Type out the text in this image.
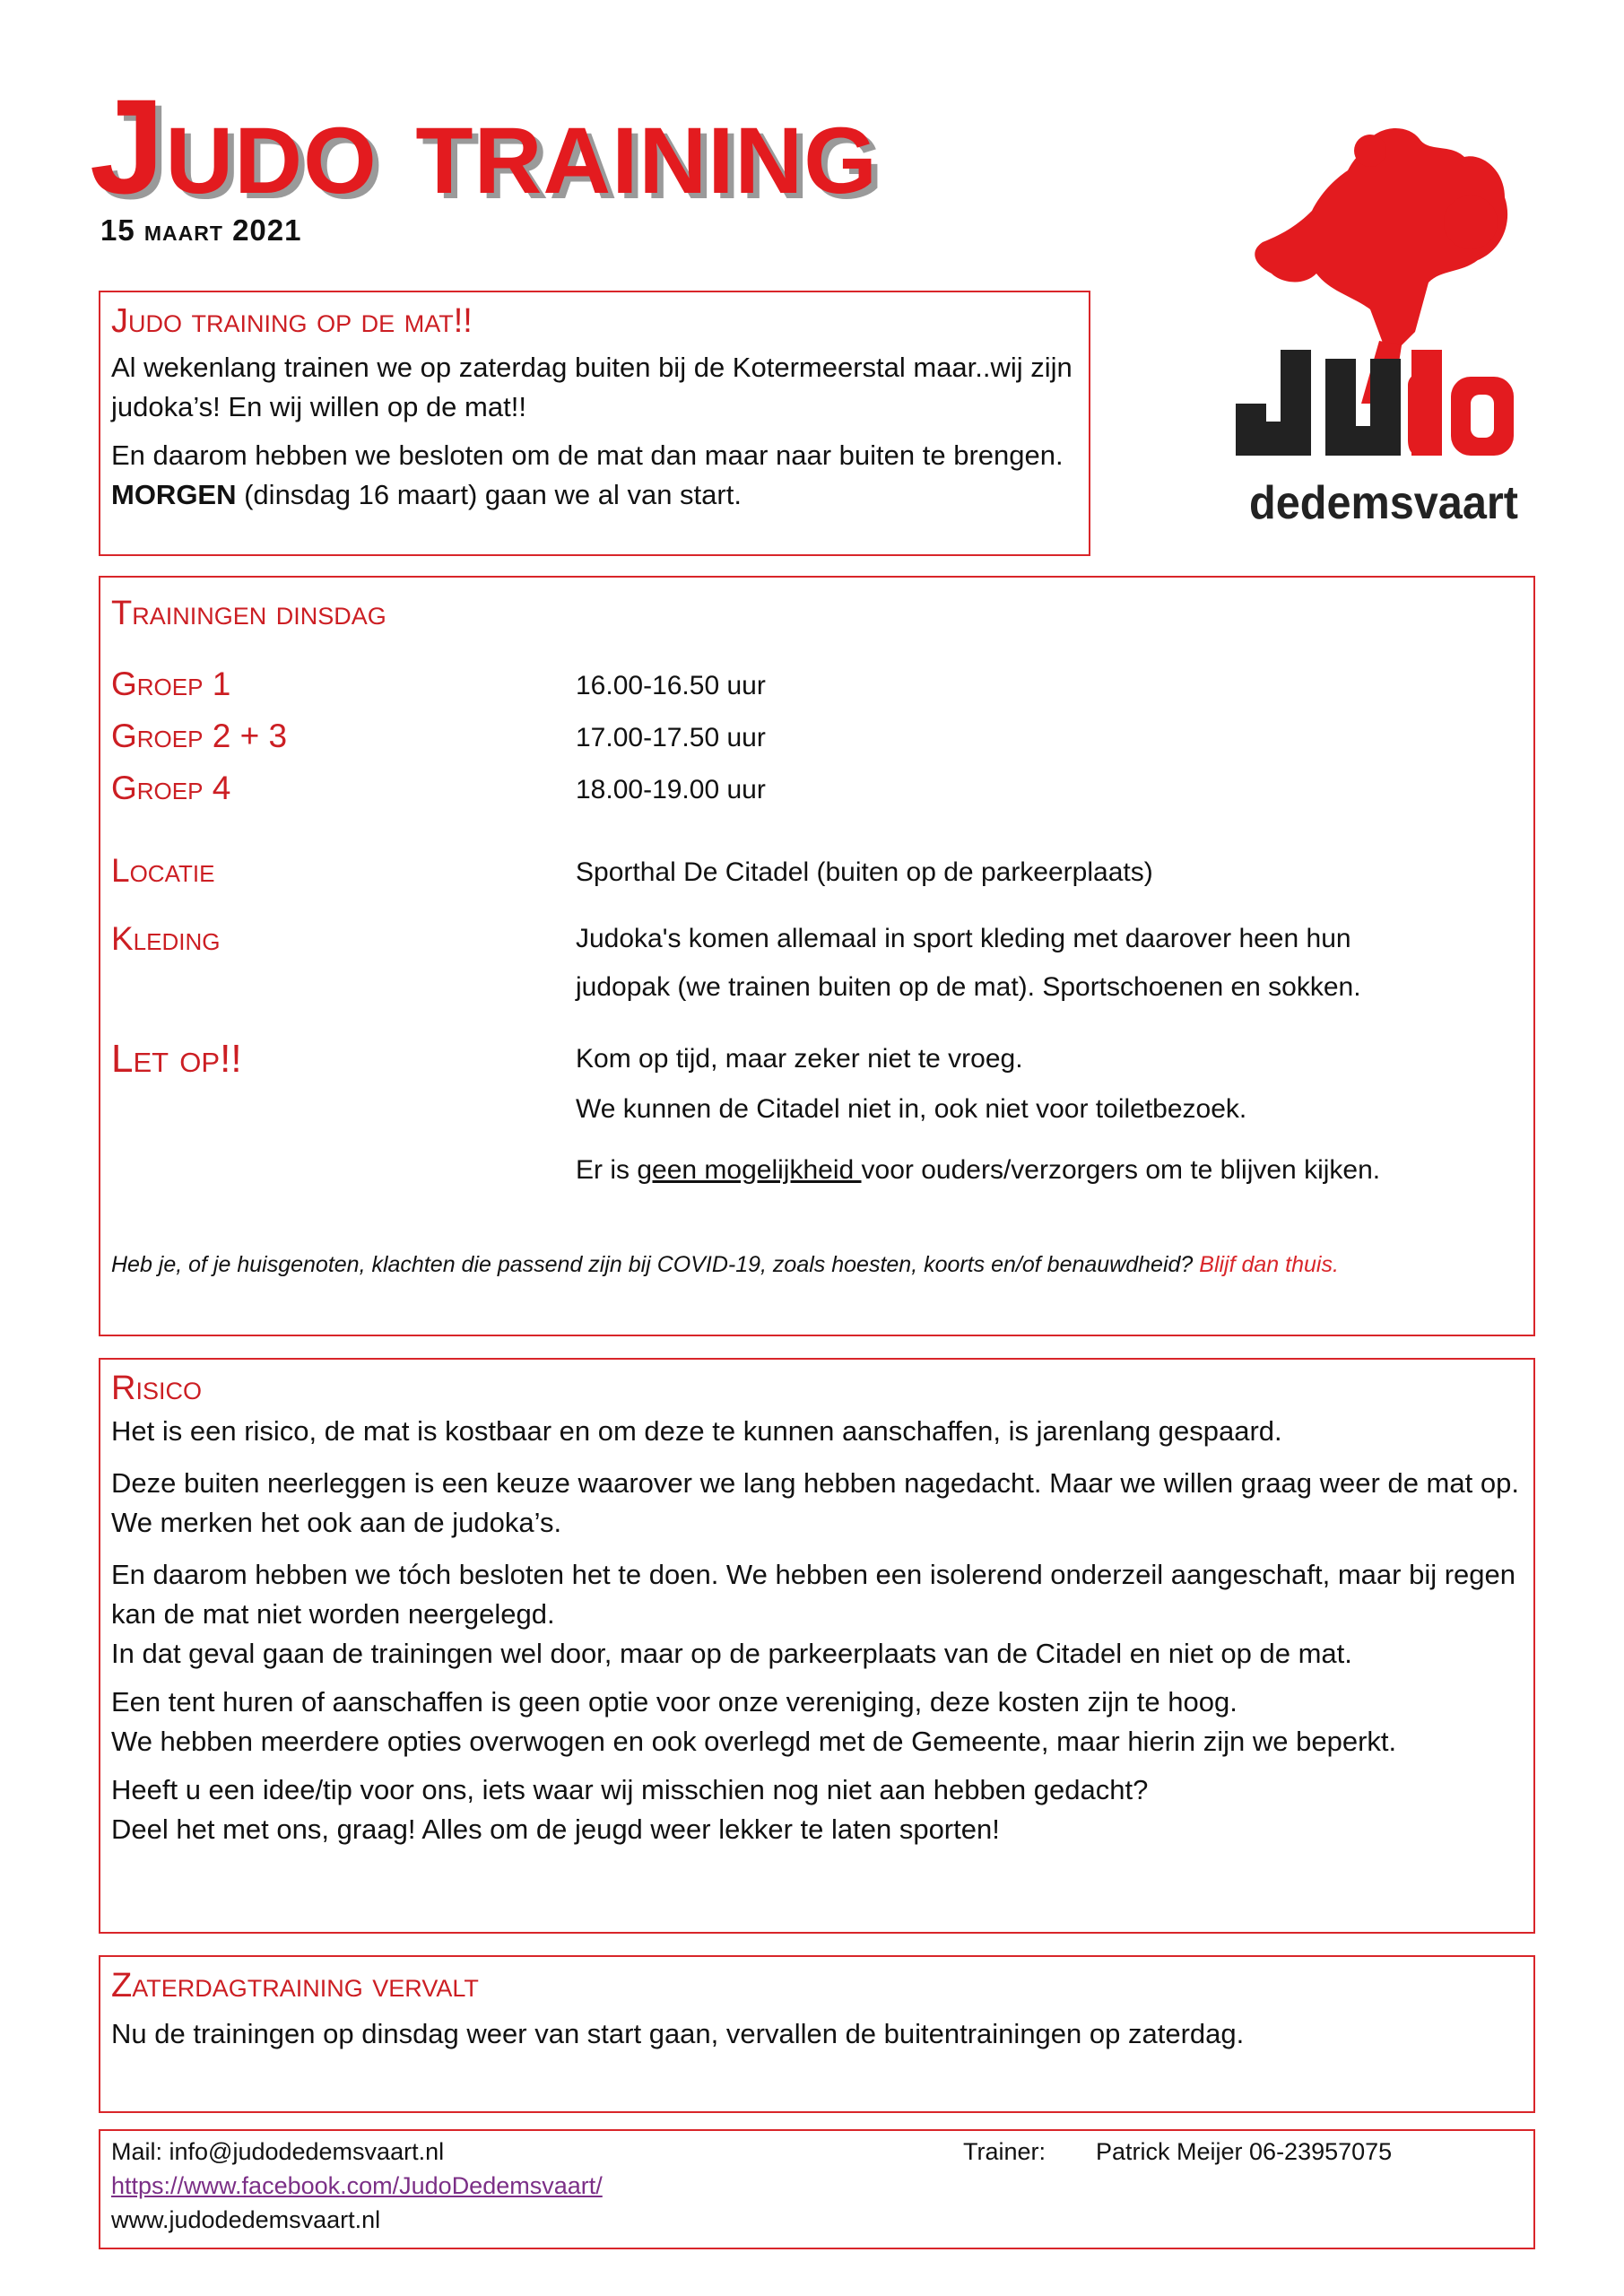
Judo training
15 maart 2021
dedemsvaart
Judo training op de mat!!

Al wekenlang trainen we op zaterdag buiten bij de Kotermeerstal maar..wij zijn judoka’s! En wij willen op de mat!!

En daarom hebben we besloten om de mat dan maar naar buiten te brengen. MORGEN (dinsdag 16 maart) gaan we al van start.

Trainingen dinsdag
Groep 1	16.00-16.50 uur
Groep 2 + 3	17.00-17.50 uur
Groep 4	18.00-19.00 uur
Locatie	Sporthal De Citadel (buiten op de parkeerplaats)
Kleding	Judoka's komen allemaal in sport kleding met daarover heen hun
judopak (we trainen buiten op de mat). Sportschoenen en sokken.
Let op!!	Kom op tijd, maar zeker niet te vroeg.
We kunnen de Citadel niet in, ook niet voor toiletbezoek.
Er is geen mogelijkheid voor ouders/verzorgers om te blijven kijken.
Heb je, of je huisgenoten, klachten die passend zijn bij COVID-19, zoals hoesten, koorts en/of benauwdheid? Blijf dan thuis.
Risico

Het is een risico, de mat is kostbaar en om deze te kunnen aanschaffen, is jarenlang gespaard.

Deze buiten neerleggen is een keuze waarover we lang hebben nagedacht. Maar we willen graag weer de mat op. We merken het ook aan de judoka’s.

En daarom hebben we tóch besloten het te doen. We hebben een isolerend onderzeil aangeschaft, maar bij regen kan de mat niet worden neergelegd.

In dat geval gaan de trainingen wel door, maar op de parkeerplaats van de Citadel en niet op de mat.

Een tent huren of aanschaffen is geen optie voor onze vereniging, deze kosten zijn te hoog.

We hebben meerdere opties overwogen en ook overlegd met de Gemeente, maar hierin zijn we beperkt.

Heeft u een idee/tip voor ons, iets waar wij misschien nog niet aan hebben gedacht?

Deel het met ons, graag! Alles om de jeugd weer lekker te laten sporten!

Zaterdagtraining vervalt

Nu de trainingen op dinsdag weer van start gaan, vervallen de buitentrainingen op zaterdag.

Mail: info@judodedemsvaart.nl
https://www.facebook.com/JudoDedemsvaart/
www.judodedemsvaart.nl
Trainer: Patrick Meijer 06-23957075
